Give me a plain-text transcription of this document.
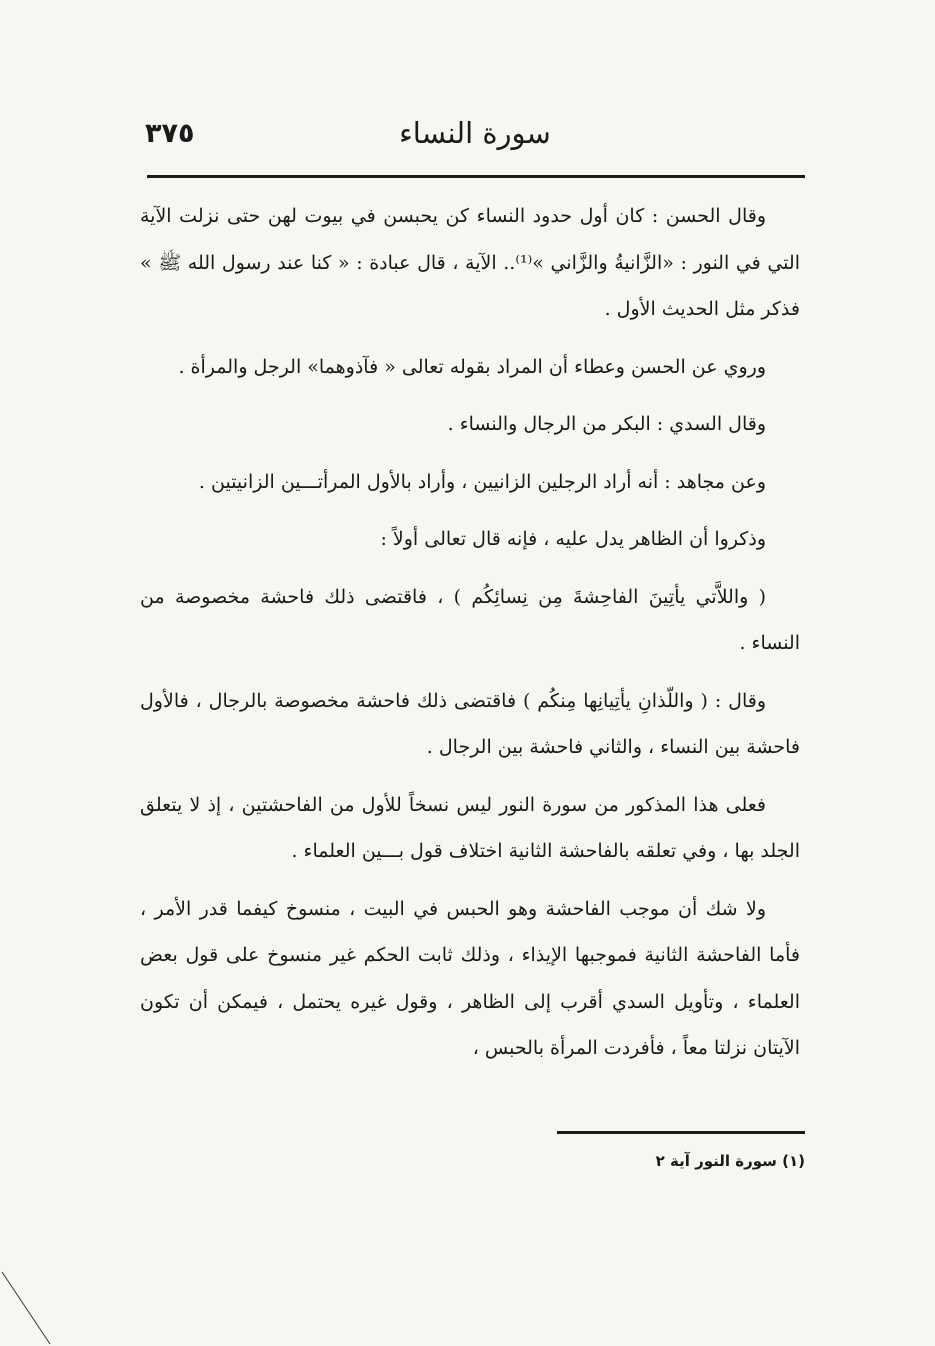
٣٧٥	سورة النساء

وقال الحسن : كان أول حدود النساء كن يحبسن في بيوت لهن حتى نزلت الآية التي في النور : «الزَّانيةُ والزَّاني »⁽¹⁾.. الآية ، قال عبادة : « كنا عند رسول الله ﷺ » فذكر مثل الحديث الأول .

وروي عن الحسن وعطاء أن المراد بقوله تعالى « فآذوهما» الرجل والمرأة .

وقال السدي : البكر من الرجال والنساء .

وعن مجاهد : أنه أراد الرجلين الزانيين ، وأراد بالأول المرأتـــين الزانيتين .

وذكروا أن الظاهر يدل عليه ، فإنه قال تعالى أولاً :

( واللاَّتي يأتِينَ الفاحِشةَ مِن نِسائِكُم ) ، فاقتضى ذلك فاحشة مخصوصة من النساء .

وقال : ( واللّذانِ يأتِيانِها مِنكُم ) فاقتضى ذلك فاحشة مخصوصة بالرجال ، فالأول فاحشة بين النساء ، والثاني فاحشة بين الرجال .

فعلى هذا المذكور من سورة النور ليس نسخاً للأول من الفاحشتين ، إذ لا يتعلق الجلد بها ، وفي تعلقه بالفاحشة الثانية اختلاف قول بـــين العلماء .

ولا شك أن موجب الفاحشة وهو الحبس في البيت ، منسوخ كيفما قدر الأمر ، فأما الفاحشة الثانية فموجبها الإيذاء ، وذلك ثابت الحكم غير منسوخ على قول بعض العلماء ، وتأويل السدي أقرب إلى الظاهر ، وقول غيره يحتمل ، فيمكن أن تكون الآيتان نزلتا معاً ، فأفردت المرأة بالحبس ،

(١) سورة النور آية ٢
